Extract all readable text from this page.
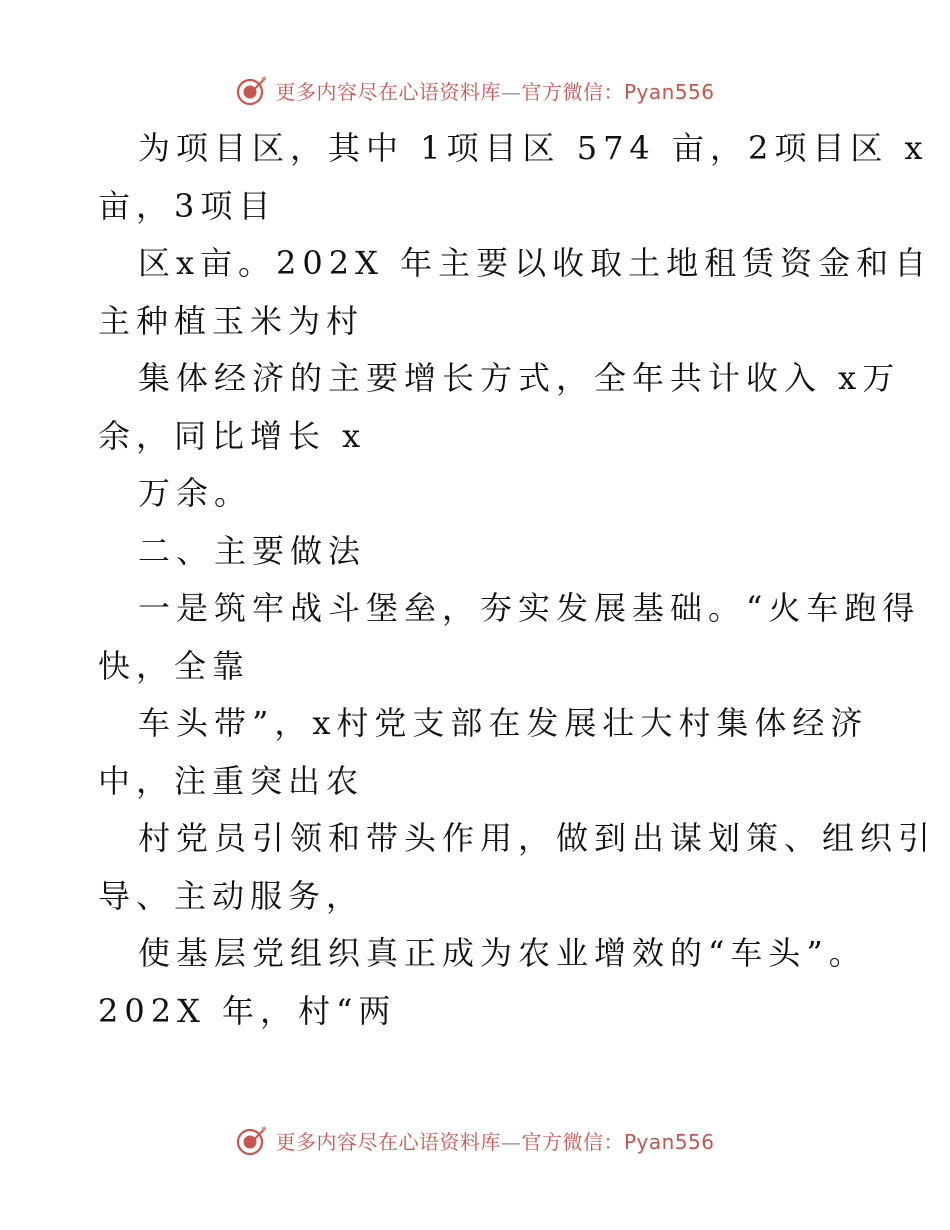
更多内容尽在心语资料库—官方微信：Pyan556
为项目区，其中 1项目区 574 亩，2项目区 x
亩，3项目
区x亩。202X 年主要以收取土地租赁资金和自
主种植玉米为村
集体经济的主要增长方式，全年共计收入 x万
余，同比增长 x
万余。
二、主要做法
一是筑牢战斗堡垒，夯实发展基础。“火车跑得
快，全靠
车头带”，x村党支部在发展壮大村集体经济
中，注重突出农
村党员引领和带头作用，做到出谋划策、组织引
导、主动服务，
使基层党组织真正成为农业增效的“车头”。
202X 年，村“两
更多内容尽在心语资料库—官方微信：Pyan556
